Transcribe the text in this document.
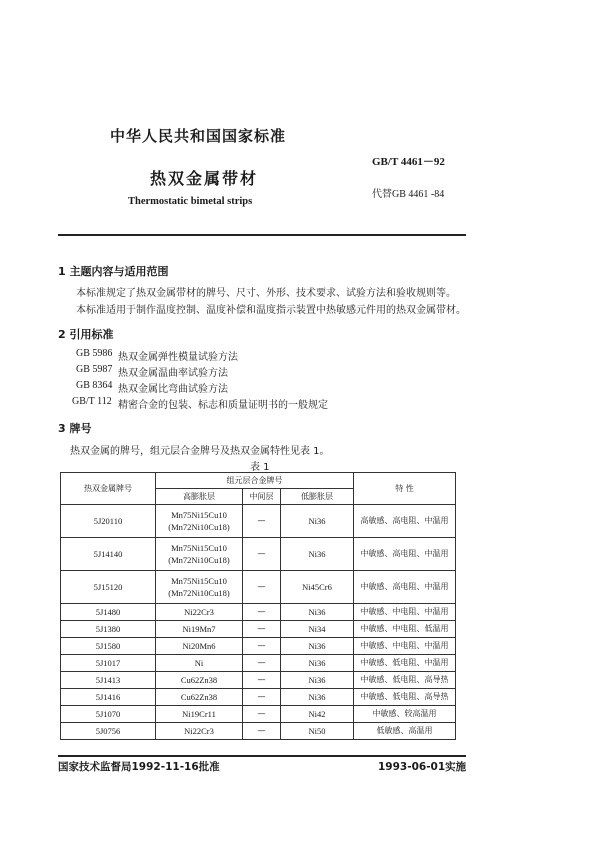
中华人民共和国国家标准
GB/T 4461－92
热双金属带材
代替GB 4461 -84
Thermostatic bimetal strips
1 主题内容与适用范围
本标准规定了热双金属带材的牌号、尺寸、外形、技术要求、试验方法和验收规则等。
本标准适用于制作温度控制、温度补偿和温度指示装置中热敏感元件用的热双金属带材。
2 引用标准
GB 5986 热双金属弹性模量试验方法
GB 5987 热双金属温曲率试验方法
GB 8364 热双金属比弯曲试验方法
GB/T 112 精密合金的包装、标志和质量证明书的一般规定
3 牌号
热双金属的牌号，组元层合金牌号及热双金属特性见表 1。
表 1
热双金属牌号	组元层合金牌号			特 性
	高膨胀层	中间层	低膨胀层	
5J20110	Mn75Ni15Cu10
(Mn72Ni10Cu18)	—	Ni36	高敏感、高电阻、中温用
5J14140	Mn75Ni15Cu10
(Mn72Ni10Cu18)	—	Ni36	中敏感、高电阻、中温用
5J15120	Mn75Ni15Cu10
(Mn72Ni10Cu18)	—	Ni45Cr6	中敏感、高电阻、中温用
5J1480	Ni22Cr3	—	Ni36	中敏感、中电阻、中温用
5J1380	Ni19Mn7	—	Ni34	中敏感、中电阻、低温用
5J1580	Ni20Mn6	—	Ni36	中敏感、中电阻、中温用
5J1017	Ni	—	Ni36	中敏感、低电阻、中温用
5J1413	Cu62Zn38	—	Ni36	中敏感、低电阻、高导热
5J1416	Cu62Zn38	—	Ni36	中敏感、低电阻、高导热
5J1070	Ni19Cr11	—	Ni42	中敏感、较高温用
5J0756	Ni22Cr3	—	Ni50	低敏感、高温用
国家技术监督局1992-11-16批准	1993-06-01实施
